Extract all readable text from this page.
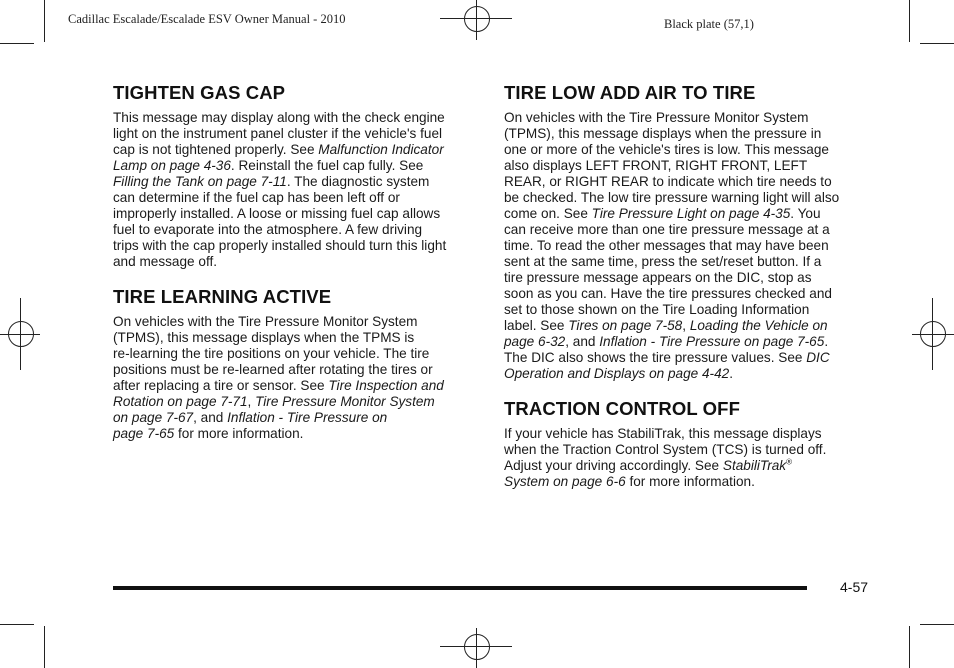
Cadillac Escalade/Escalade ESV Owner Manual - 2010	Black plate (57,1)
TIGHTEN GAS CAP
This message may display along with the check engine
light on the instrument panel cluster if the vehicle's fuel
cap is not tightened properly. See Malfunction Indicator
Lamp on page 4-36. Reinstall the fuel cap fully. See
Filling the Tank on page 7-11. The diagnostic system
can determine if the fuel cap has been left off or
improperly installed. A loose or missing fuel cap allows
fuel to evaporate into the atmosphere. A few driving
trips with the cap properly installed should turn this light
and message off.
TIRE LEARNING ACTIVE
On vehicles with the Tire Pressure Monitor System
(TPMS), this message displays when the TPMS is
re-learning the tire positions on your vehicle. The tire
positions must be re-learned after rotating the tires or
after replacing a tire or sensor. See Tire Inspection and
Rotation on page 7-71, Tire Pressure Monitor System
on page 7-67, and Inflation - Tire Pressure on
page 7-65 for more information.
TIRE LOW ADD AIR TO TIRE
On vehicles with the Tire Pressure Monitor System
(TPMS), this message displays when the pressure in
one or more of the vehicle's tires is low. This message
also displays LEFT FRONT, RIGHT FRONT, LEFT
REAR, or RIGHT REAR to indicate which tire needs to
be checked. The low tire pressure warning light will also
come on. See Tire Pressure Light on page 4-35. You
can receive more than one tire pressure message at a
time. To read the other messages that may have been
sent at the same time, press the set/reset button. If a
tire pressure message appears on the DIC, stop as
soon as you can. Have the tire pressures checked and
set to those shown on the Tire Loading Information
label. See Tires on page 7-58, Loading the Vehicle on
page 6-32, and Inflation - Tire Pressure on page 7-65.
The DIC also shows the tire pressure values. See DIC
Operation and Displays on page 4-42.
TRACTION CONTROL OFF
If your vehicle has StabiliTrak, this message displays
when the Traction Control System (TCS) is turned off.
Adjust your driving accordingly. See StabiliTrak®
System on page 6-6 for more information.
4-57
